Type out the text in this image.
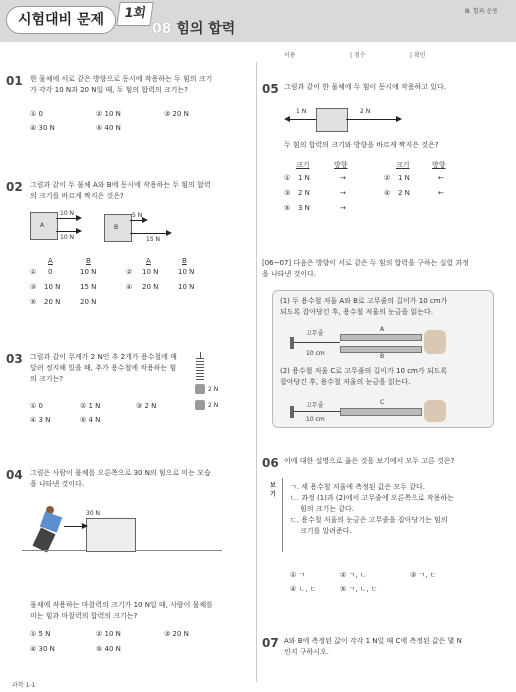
시험대비 문제	1회
08 힘의 합력
Ⅲ. 힘과 운동
이름	| 점수	| 확인
01 한 물체에 서로 같은 방향으로 동시에 작용하는 두 힘의 크기
가 각각 10 N과 20 N일 때, 두 힘의 합력의 크기는?
① 0	② 10 N	③ 20 N
④ 30 N	⑤ 40 N
02 그림과 같이 두 물체 A와 B에 동시에 작용하는 두 힘의 합력
의 크기를 바르게 짝지은 것은?
A
10 N
10 N
B
5 N
15 N
A	B	A	B
① 0	10 N	② 10 N	10 N
③ 10 N	15 N	④ 20 N	10 N
⑤ 20 N	20 N
03 그림과 같이 무게가 2 N인 추 2개가 용수철에 매
달려 정지해 있을 때, 추가 용수철에 작용하는 힘
의 크기는?
2 N
2 N
① 0	② 1 N	③ 2 N
④ 3 N	⑤ 4 N
04 그림은 사람이 물체를 오른쪽으로 30 N의 힘으로 미는 모습
을 나타낸 것이다.
30 N
물체에 작용하는 마찰력의 크기가 10 N일 때, 사람이 물체를
미는 힘과 마찰력의 합력의 크기는?
① 5 N	② 10 N	③ 20 N
④ 30 N	⑤ 40 N
05 그림과 같이 한 물체에 두 힘이 동시에 작용하고 있다.
1 N	2 N
두 힘의 합력의 크기와 방향을 바르게 짝지은 것은?
크기	방향	크기	방향
① 1 N	→	② 1 N	←
③ 2 N	→	④ 2 N	←
⑤ 3 N	→
[06~07] 다음은 방향이 서로 같은 두 힘의 합력을 구하는 실험 과정
을 나타낸 것이다.
(1) 두 용수철 저울 A와 B로 고무줄의 길이가 10 cm가
되도록 잡아당긴 후, 용수철 저울의 눈금을 읽는다.
고무줄
10 cm
A
B
(2) 용수철 저울 C로 고무줄의 길이가 10 cm가 되도록
잡아당긴 후, 용수철 저울의 눈금을 읽는다.
고무줄
10 cm
C
06 이에 대한 설명으로 옳은 것을 보기에서 모두 고른 것은?
보기
ㄱ. 세 용수철 저울에 측정된 값은 모두 같다.
ㄴ. 과정 (1)과 (2)에서 고무줄에 오른쪽으로 작용하는
힘의 크기는 같다.
ㄷ. 용수철 저울의 눈금은 고무줄을 잡아당기는 힘의
크기를 알려준다.
① ㄱ	② ㄱ, ㄴ	③ ㄱ, ㄷ
④ ㄴ, ㄷ	⑤ ㄱ, ㄴ, ㄷ
07 A와 B에 측정된 값이 각각 1 N일 때 C에 측정된 값은 몇 N
인지 구하시오.
과학 1-1
